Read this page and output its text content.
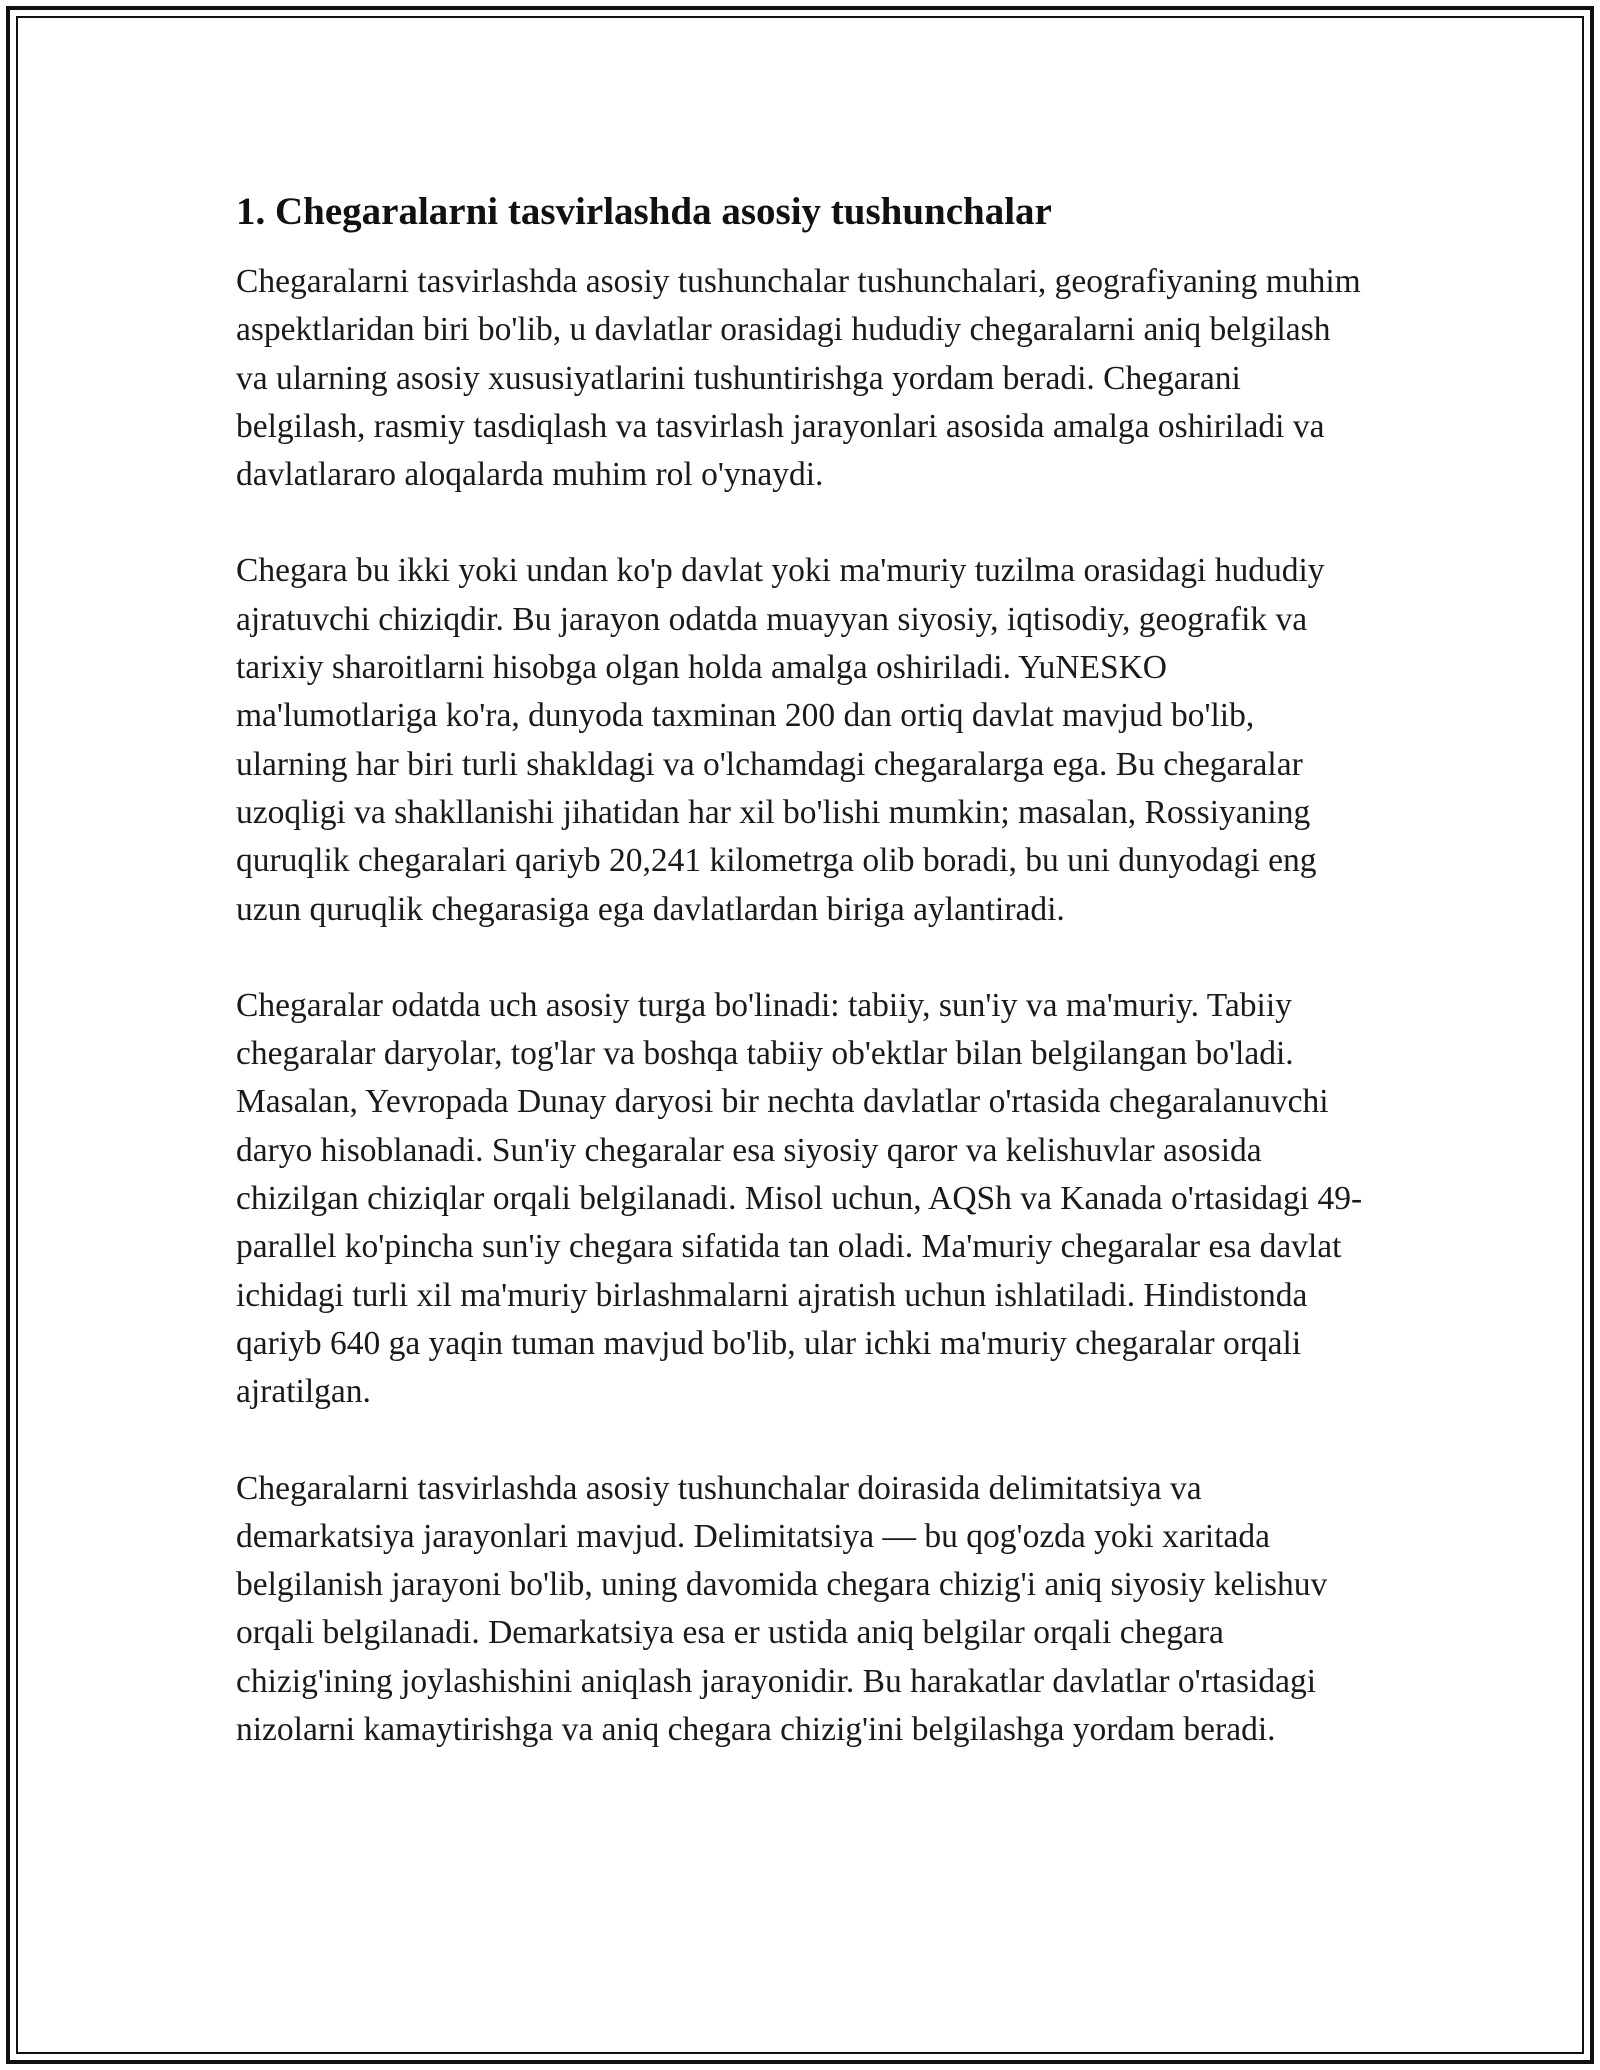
1. Chegaralarni tasvirlashda asosiy tushunchalar

Chegaralarni tasvirlashda asosiy tushunchalar tushunchalari, geografiyaning muhim aspektlaridan biri bo'lib, u davlatlar orasidagi hududiy chegaralarni aniq belgilash va ularning asosiy xususiyatlarini tushuntirishga yordam beradi. Chegarani belgilash, rasmiy tasdiqlash va tasvirlash jarayonlari asosida amalga oshiriladi va davlatlararo aloqalarda muhim rol o'ynaydi.

Chegara bu ikki yoki undan ko'p davlat yoki ma'muriy tuzilma orasidagi hududiy ajratuvchi chiziqdir. Bu jarayon odatda muayyan siyosiy, iqtisodiy, geografik va tarixiy sharoitlarni hisobga olgan holda amalga oshiriladi. YuNESKO ma'lumotlariga ko'ra, dunyoda taxminan 200 dan ortiq davlat mavjud bo'lib, ularning har biri turli shakldagi va o'lchamdagi chegaralarga ega. Bu chegaralar uzoqligi va shakllanishi jihatidan har xil bo'lishi mumkin; masalan, Rossiyaning quruqlik chegaralari qariyb 20,241 kilometrga olib boradi, bu uni dunyodagi eng uzun quruqlik chegarasiga ega davlatlardan biriga aylantiradi.

Chegaralar odatda uch asosiy turga bo'linadi: tabiiy, sun'iy va ma'muriy. Tabiiy chegaralar daryolar, tog'lar va boshqa tabiiy ob'ektlar bilan belgilangan bo'ladi. Masalan, Yevropada Dunay daryosi bir nechta davlatlar o'rtasida chegaralanuvchi daryo hisoblanadi. Sun'iy chegaralar esa siyosiy qaror va kelishuvlar asosida chizilgan chiziqlar orqali belgilanadi. Misol uchun, AQSh va Kanada o'rtasidagi 49-parallel ko'pincha sun'iy chegara sifatida tan oladi. Ma'muriy chegaralar esa davlat ichidagi turli xil ma'muriy birlashmalarni ajratish uchun ishlatiladi. Hindistonda qariyb 640 ga yaqin tuman mavjud bo'lib, ular ichki ma'muriy chegaralar orqali ajratilgan.

Chegaralarni tasvirlashda asosiy tushunchalar doirasida delimitatsiya va demarkatsiya jarayonlari mavjud. Delimitatsiya — bu qog'ozda yoki xaritada belgilanish jarayoni bo'lib, uning davomida chegara chizig'i aniq siyosiy kelishuv orqali belgilanadi. Demarkatsiya esa er ustida aniq belgilar orqali chegara chizig'ining joylashishini aniqlash jarayonidir. Bu harakatlar davlatlar o'rtasidagi nizolarni kamaytirishga va aniq chegara chizig'ini belgilashga yordam beradi.
